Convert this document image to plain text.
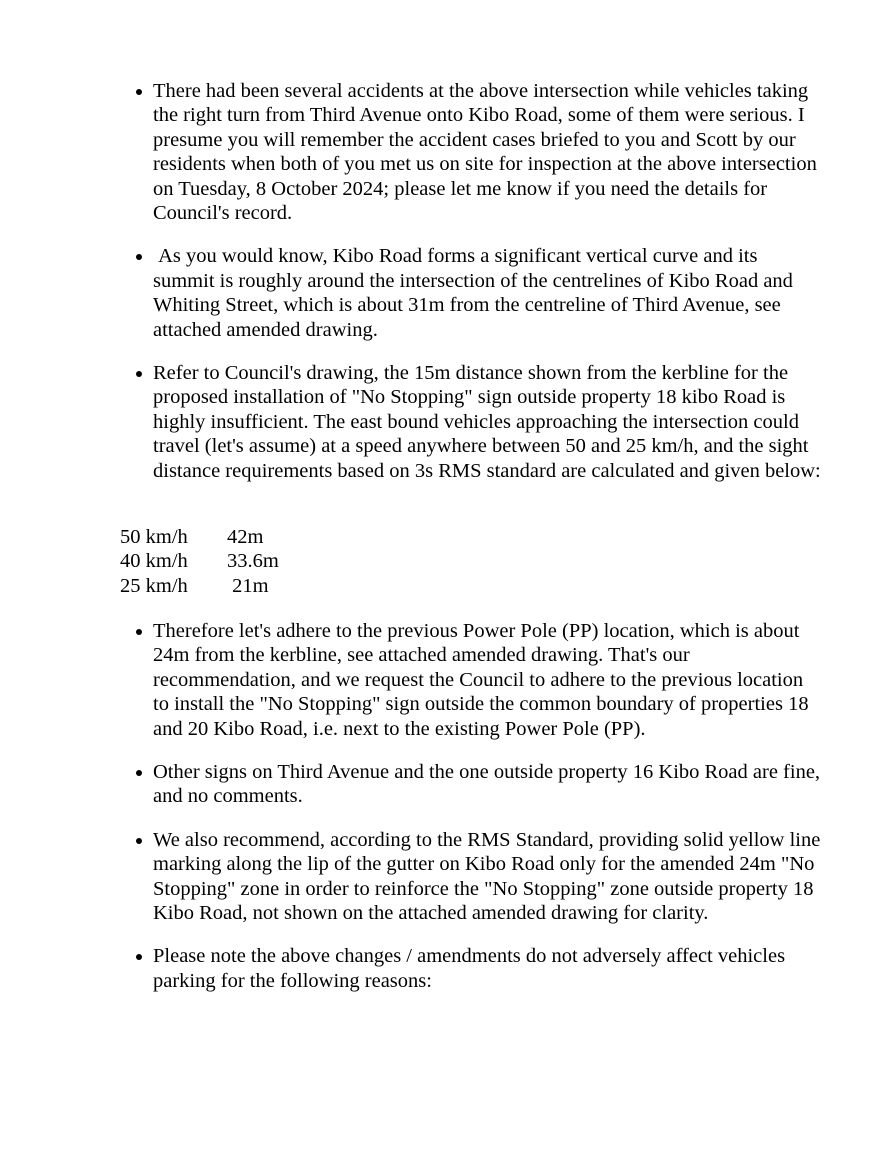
There had been several accidents at the above intersection while vehicles taking the right turn from Third Avenue onto Kibo Road, some of them were serious. I presume you will remember the accident cases briefed to you and Scott by our residents when both of you met us on site for inspection at the above intersection on Tuesday, 8 October 2024; please let me know if you need the details for Council's record.
As you would know, Kibo Road forms a significant vertical curve and its summit is roughly around the intersection of the centrelines of Kibo Road and Whiting Street, which is about 31m from the centreline of Third Avenue, see attached amended drawing.
Refer to Council's drawing, the 15m distance shown from the kerbline for the proposed installation of "No Stopping" sign outside property 18 kibo Road is highly insufficient. The east bound vehicles approaching the intersection could travel (let's assume) at a speed anywhere between 50 and 25 km/h, and the sight distance requirements based on 3s RMS standard are calculated and given below:
50 km/h	42m
40 km/h	33.6m
25 km/h	21m
Therefore let's adhere to the previous Power Pole (PP) location, which is about 24m from the kerbline, see attached amended drawing. That's our recommendation, and we request the Council to adhere to the previous location to install the "No Stopping" sign outside the common boundary of properties 18 and 20 Kibo Road, i.e. next to the existing Power Pole (PP).
Other signs on Third Avenue and the one outside property 16 Kibo Road are fine, and no comments.
We also recommend, according to the RMS Standard, providing solid yellow line marking along the lip of the gutter on Kibo Road only for the amended 24m "No Stopping" zone in order to reinforce the "No Stopping" zone outside property 18 Kibo Road, not shown on the attached amended drawing for clarity.
Please note the above changes / amendments do not adversely affect vehicles parking for the following reasons:
